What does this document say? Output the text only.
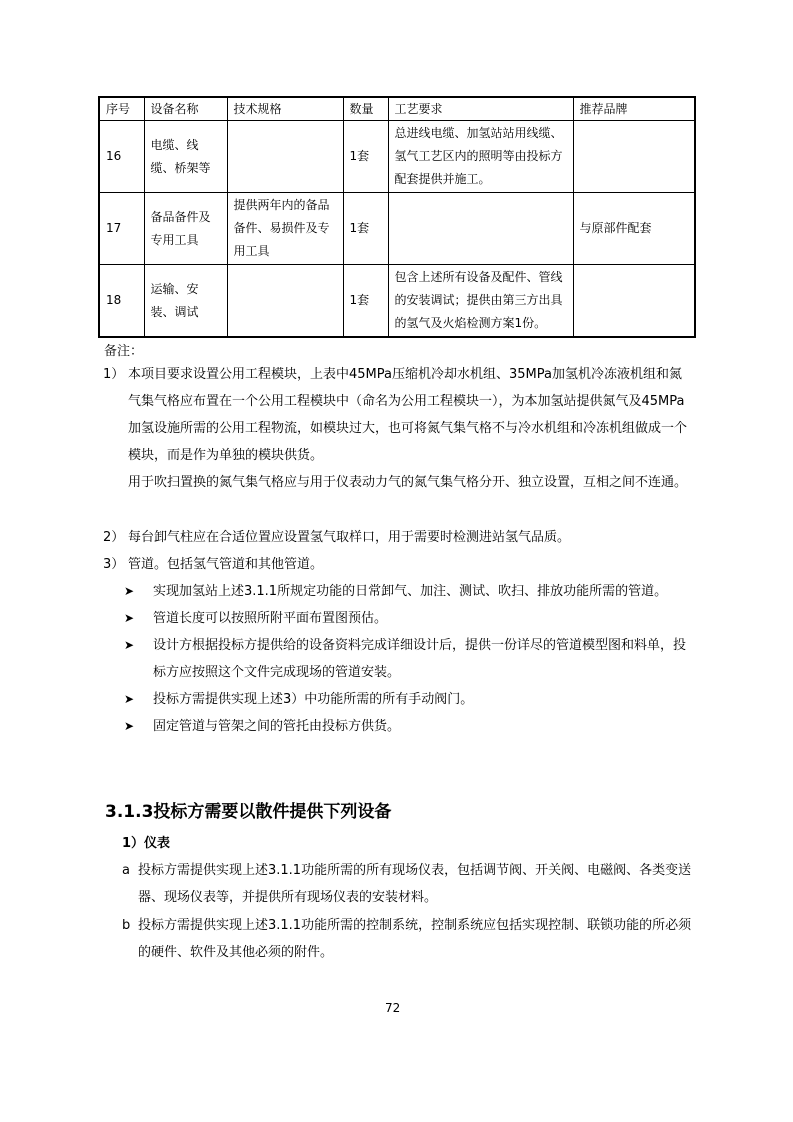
序号	设备名称	技术规格	数量	工艺要求	推荐品牌
16	电缆、线缆、桥架等		1套	总进线电缆、加氢站站用线缆、氢气工艺区内的照明等由投标方配套提供并施工。	
17	备品备件及专用工具	提供两年内的备品备件、易损件及专用工具	1套		与原部件配套
18	运输、安装、调试		1套	包含上述所有设备及配件、管线的安装调试；提供由第三方出具的氢气及火焰检测方案1份。	
备注：
1） 本项目要求设置公用工程模块，上表中45MPa压缩机冷却水机组、35MPa加氢机冷冻液机组和氮气集气格应布置在一个公用工程模块中（命名为公用工程模块一），为本加氢站提供氮气及45MPa加氢设施所需的公用工程物流，如模块过大，也可将氮气集气格不与冷水机组和冷冻机组做成一个模块，而是作为单独的模块供货。
用于吹扫置换的氮气集气格应与用于仪表动力气的氮气集气格分开、独立设置，互相之间不连通。
2） 每台卸气柱应在合适位置应设置氢气取样口，用于需要时检测进站氢气品质。
3） 管道。包括氢气管道和其他管道。
➤ 实现加氢站上述3.1.1所规定功能的日常卸气、加注、测试、吹扫、排放功能所需的管道。
➤ 管道长度可以按照所附平面布置图预估。
➤ 设计方根据投标方提供给的设备资料完成详细设计后，提供一份详尽的管道模型图和料单，投标方应按照这个文件完成现场的管道安装。
➤ 投标方需提供实现上述3）中功能所需的所有手动阀门。
➤ 固定管道与管架之间的管托由投标方供货。
3.1.3投标方需要以散件提供下列设备
1）仪表
a 投标方需提供实现上述3.1.1功能所需的所有现场仪表，包括调节阀、开关阀、电磁阀、各类变送器、现场仪表等，并提供所有现场仪表的安装材料。
b 投标方需提供实现上述3.1.1功能所需的控制系统，控制系统应包括实现控制、联锁功能的所必须的硬件、软件及其他必须的附件。
72
